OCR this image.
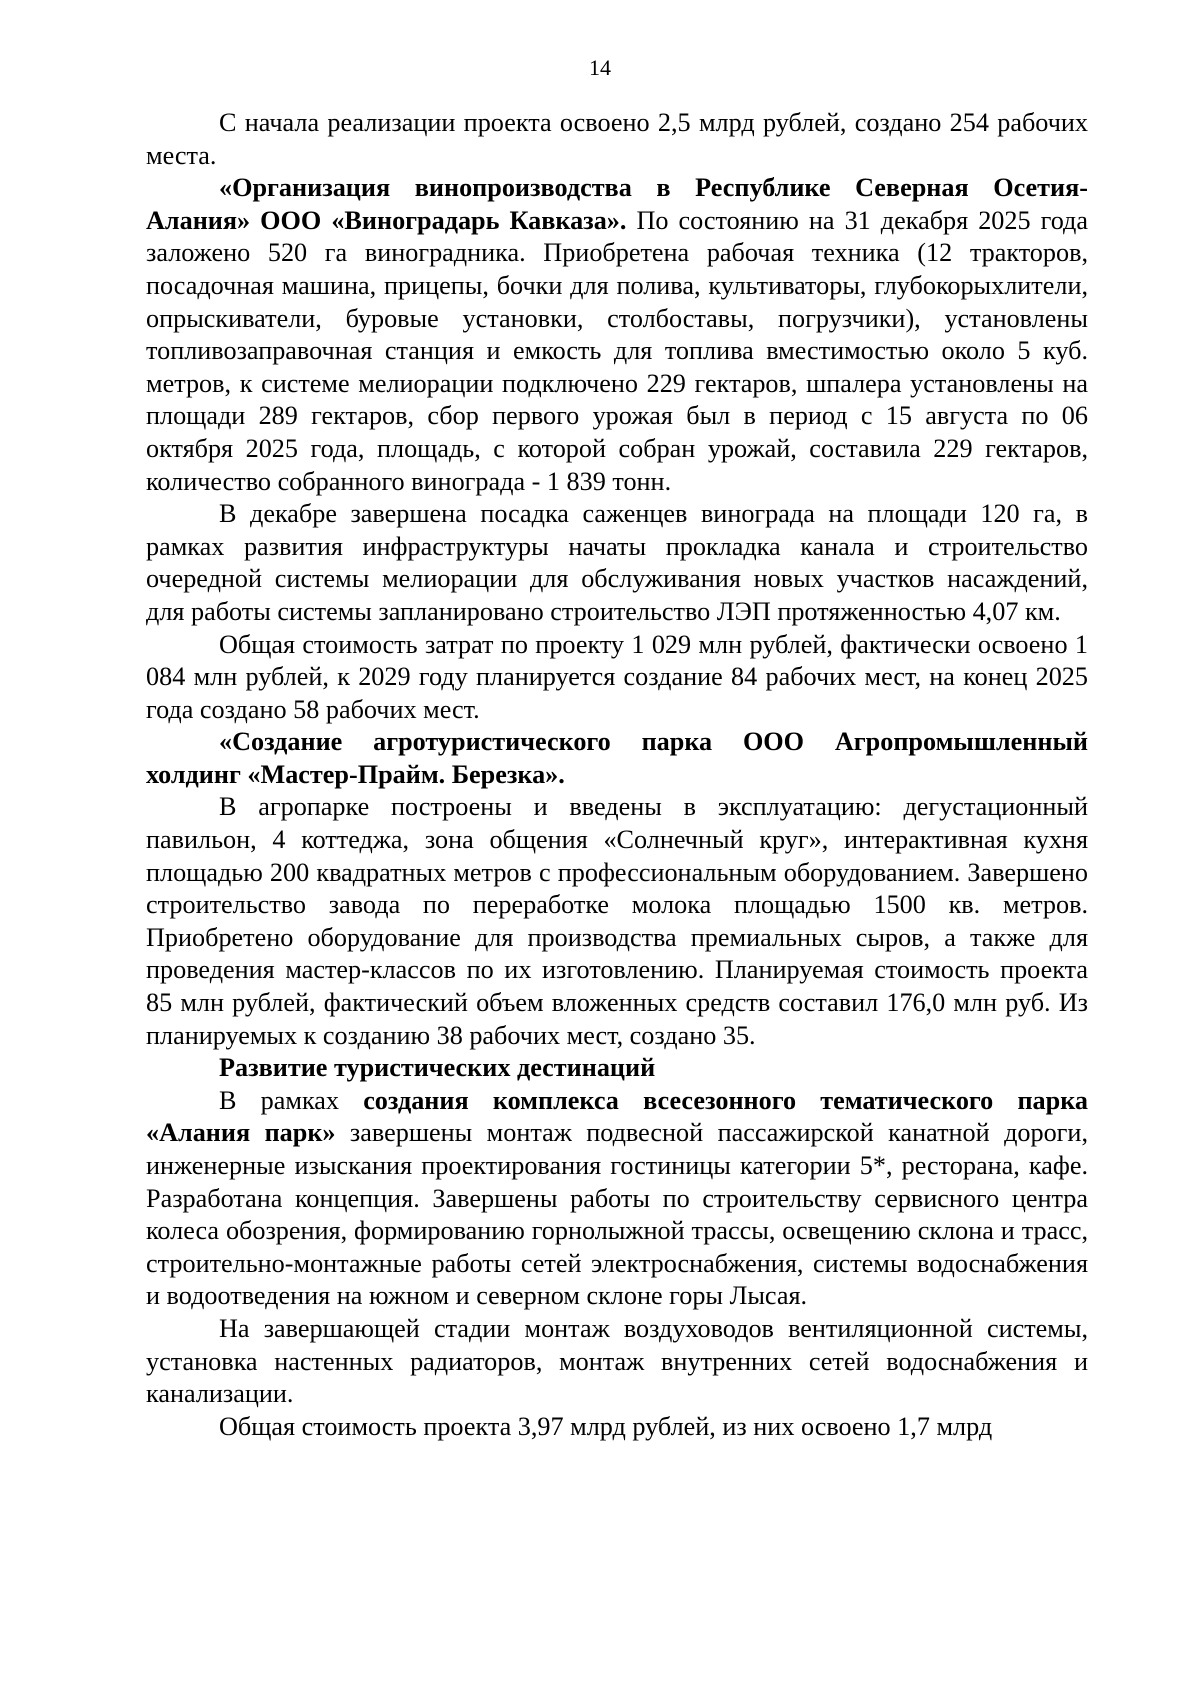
14

С начала реализации проекта освоено 2,5 млрд рублей, создано 254 рабочих места.

«Организация винопроизводства в Республике Северная Осетия-Алания» ООО «Виноградарь Кавказа». По состоянию на 31 декабря 2025 года заложено 520 га виноградника. Приобретена рабочая техника (12 тракторов, посадочная машина, прицепы, бочки для полива, культиваторы, глубокорыхлители, опрыскиватели, буровые установки, столбоставы, погрузчики), установлены топливозаправочная станция и емкость для топлива вместимостью около 5 куб. метров, к системе мелиорации подключено 229 гектаров, шпалера установлены на площади 289 гектаров, сбор первого урожая был в период с 15 августа по 06 октября 2025 года, площадь, с которой собран урожай, составила 229 гектаров, количество собранного винограда - 1 839 тонн.

В декабре завершена посадка саженцев винограда на площади 120 га, в рамках развития инфраструктуры начаты прокладка канала и строительство очередной системы мелиорации для обслуживания новых участков насаждений, для работы системы запланировано строительство ЛЭП протяженностью 4,07 км.

Общая стоимость затрат по проекту 1 029 млн рублей, фактически освоено 1 084 млн рублей, к 2029 году планируется создание 84 рабочих мест, на конец 2025 года создано 58 рабочих мест.

«Создание агротуристического парка ООО Агропромышленный холдинг «Мастер-Прайм. Березка».

В агропарке построены и введены в эксплуатацию: дегустационный павильон, 4 коттеджа, зона общения «Солнечный круг», интерактивная кухня площадью 200 квадратных метров с профессиональным оборудованием. Завершено строительство завода по переработке молока площадью 1500 кв. метров. Приобретено оборудование для производства премиальных сыров, а также для проведения мастер-классов по их изготовлению. Планируемая стоимость проекта 85 млн рублей, фактический объем вложенных средств составил 176,0 млн руб. Из планируемых к созданию 38 рабочих мест, создано 35.

Развитие туристических дестинаций

В рамках создания комплекса всесезонного тематического парка «Алания парк» завершены монтаж подвесной пассажирской канатной дороги, инженерные изыскания проектирования гостиницы категории 5*, ресторана, кафе. Разработана концепция. Завершены работы по строительству сервисного центра колеса обозрения, формированию горнолыжной трассы, освещению склона и трасс, строительно-монтажные работы сетей электроснабжения, системы водоснабжения и водоотведения на южном и северном склоне горы Лысая.

На завершающей стадии монтаж воздуховодов вентиляционной системы, установка настенных радиаторов, монтаж внутренних сетей водоснабжения и канализации.

Общая стоимость проекта 3,97 млрд рублей, из них освоено 1,7 млрд
